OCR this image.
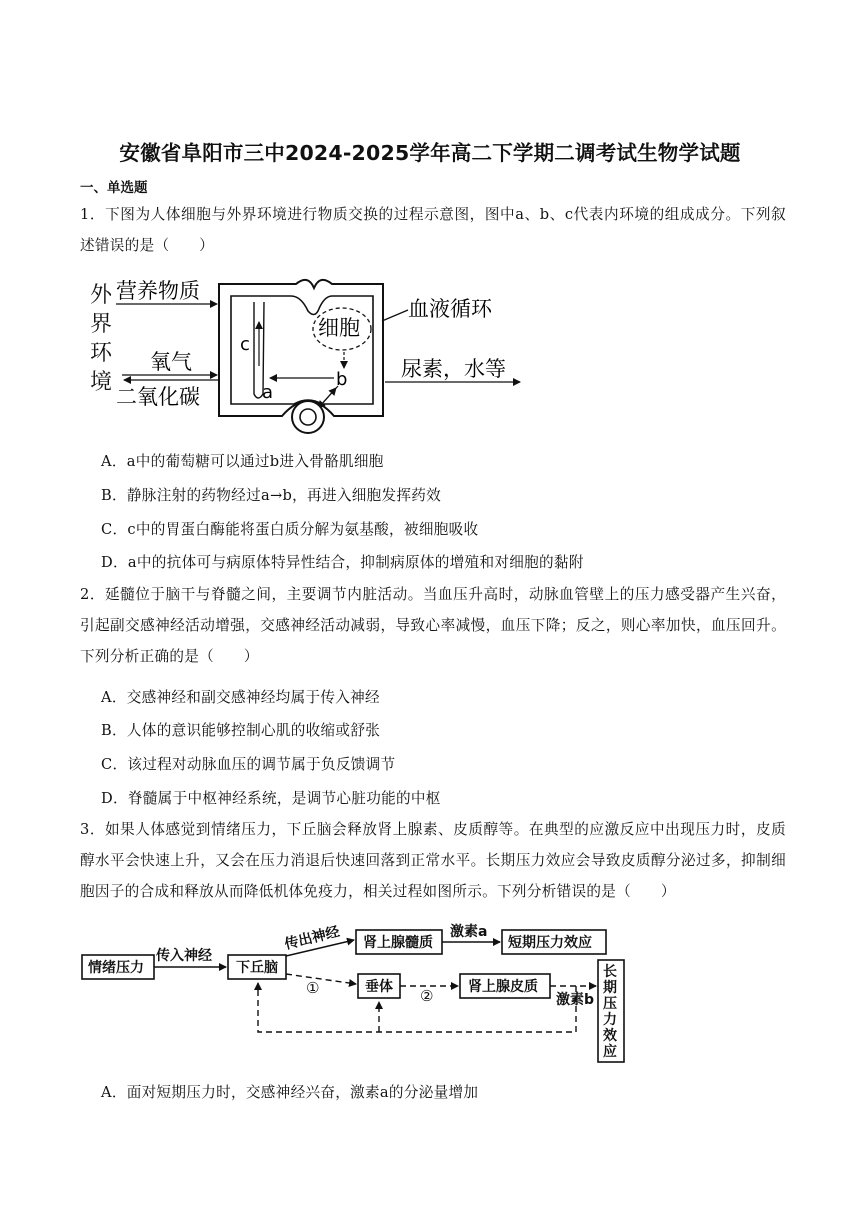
安徽省阜阳市三中2024-2025学年高二下学期二调考试生物学试题
一、单选题
1．下图为人体细胞与外界环境进行物质交换的过程示意图，图中a、b、c代表内环境的组成成分。下列叙述错误的是（　　）
外
界
环
境
营养物质
氧气
二氧化碳
c
a
细胞
b
血液循环
尿素，水等
A．a中的葡萄糖可以通过b进入骨骼肌细胞
B．静脉注射的药物经过a→b，再进入细胞发挥药效
C．c中的胃蛋白酶能将蛋白质分解为氨基酸，被细胞吸收
D．a中的抗体可与病原体特异性结合，抑制病原体的增殖和对细胞的黏附
2．延髓位于脑干与脊髓之间，主要调节内脏活动。当血压升高时，动脉血管壁上的压力感受器产生兴奋，引起副交感神经活动增强，交感神经活动减弱，导致心率减慢，血压下降；反之，则心率加快，血压回升。下列分析正确的是（　　）
A．交感神经和副交感神经均属于传入神经
B．人体的意识能够控制心肌的收缩或舒张
C．该过程对动脉血压的调节属于负反馈调节
D．脊髓属于中枢神经系统，是调节心脏功能的中枢
3．如果人体感觉到情绪压力，下丘脑会释放肾上腺素、皮质醇等。在典型的应激反应中出现压力时，皮质醇水平会快速上升，又会在压力消退后快速回落到正常水平。长期压力效应会导致皮质醇分泌过多，抑制细胞因子的合成和释放从而降低机体免疫力，相关过程如图所示。下列分析错误的是（　　）
情绪压力
传入神经
下丘脑
传出神经 肾上腺髓质
激素a
短期压力效应
①	垂体 ② 肾上腺皮质
激素b
长
期
压
力
效
应
A．面对短期压力时，交感神经兴奋，激素a的分泌量增加
